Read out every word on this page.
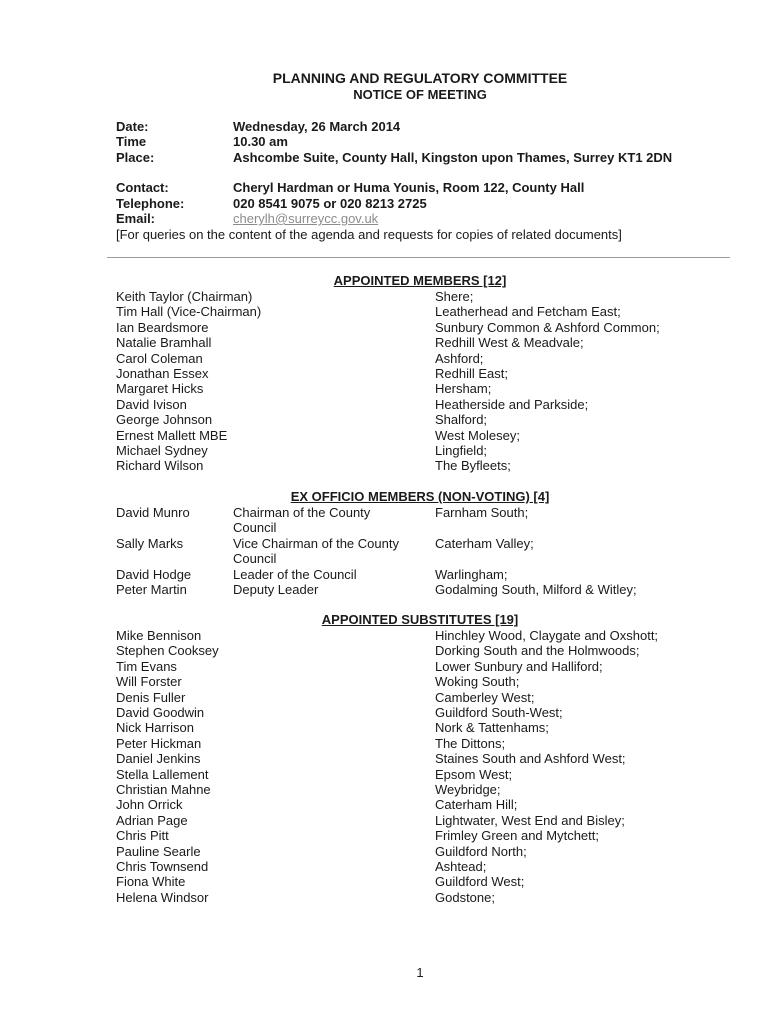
PLANNING AND REGULATORY COMMITTEE
NOTICE OF MEETING
Date:	Wednesday, 26 March 2014
Time	10.30 am
Place:	Ashcombe Suite, County Hall, Kingston upon Thames, Surrey KT1 2DN
Contact:	Cheryl Hardman or Huma Younis, Room 122, County Hall
Telephone:	020 8541 9075 or 020 8213 2725
Email:	cherylh@surreycc.gov.uk
[For queries on the content of the agenda and requests for copies of related documents]
APPOINTED MEMBERS [12]
Keith Taylor (Chairman)	Shere;
Tim Hall (Vice-Chairman)	Leatherhead and Fetcham East;
Ian Beardsmore	Sunbury Common & Ashford Common;
Natalie Bramhall	Redhill West & Meadvale;
Carol Coleman	Ashford;
Jonathan Essex	Redhill East;
Margaret Hicks	Hersham;
David Ivison	Heatherside and Parkside;
George Johnson	Shalford;
Ernest Mallett MBE	West Molesey;
Michael Sydney	Lingfield;
Richard Wilson	The Byfleets;
EX OFFICIO MEMBERS (NON-VOTING) [4]
David Munro	Chairman of the County	Farnham South;
Council
Sally Marks	Vice Chairman of the County	Caterham Valley;
Council
David Hodge	Leader of the Council	Warlingham;
Peter Martin	Deputy Leader	Godalming South, Milford & Witley;
APPOINTED SUBSTITUTES [19]
Mike Bennison	Hinchley Wood, Claygate and Oxshott;
Stephen Cooksey	Dorking South and the Holmwoods;
Tim Evans	Lower Sunbury and Halliford;
Will Forster	Woking South;
Denis Fuller	Camberley West;
David Goodwin	Guildford South-West;
Nick Harrison	Nork & Tattenhams;
Peter Hickman	The Dittons;
Daniel Jenkins	Staines South and Ashford West;
Stella Lallement	Epsom West;
Christian Mahne	Weybridge;
John Orrick	Caterham Hill;
Adrian Page	Lightwater, West End and Bisley;
Chris Pitt	Frimley Green and Mytchett;
Pauline Searle	Guildford North;
Chris Townsend	Ashtead;
Fiona White	Guildford West;
Helena Windsor	Godstone;
1
